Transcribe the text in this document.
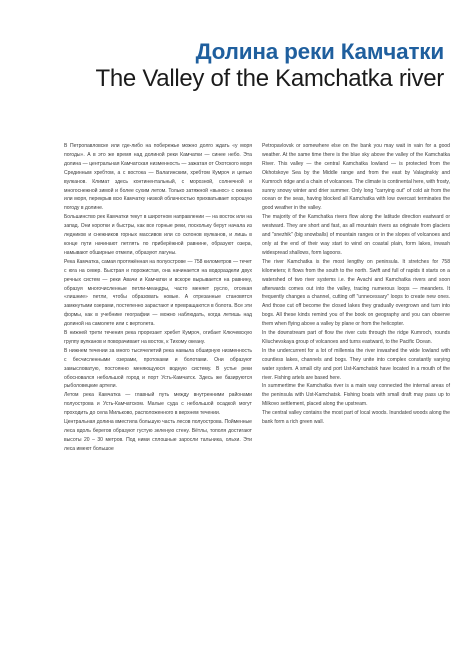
Долина реки Камчатки
The Valley of the Kamchatka river

В Петропавловске или где-либо на побережье можно долго ждать «у моря погоды». А в это же время над долиной реки Камчатки — синее небо. Эта долина — центральная Камчатская низменность — зажатая от Охотского моря Срединным хребтом, а с востока — Валагинским, хребтом Кумроч и цепью вулканов. Климат здесь континентальный, с морозной, солнечной и многоснежной зимой и более сухим летом. Только затяжной «вынос» с океана или моря, перекрыв всю Камчатку низкой облачностью прихватывает хорошую погоду в долине.

Большинство рек Камчатки текут в широтном направлении — на восток или на запад. Они коротки и быстры, как все горные реки, поскольку берут начала из ледников и снежников горных массивов или со склонов вулканов, и лишь в конце пути начинают петлять по приберёжной равнине, образуют озера, намывают обширные отмели, образуют лагуны.

Река Камчатка, самая протяжённая на полуострове — 758 километров — течет с юга на север. Быстрая и порожистая, она начинается на водораздели двух речных систем — реки Авачи и Камчатки и вскоре вырывается на равнину, образуя многочисленные петли-меандры, часто меняет русло, отсекая «лишние» петли, чтобы образовать новые. А отрезанные становятся замкнутыми озерами, постепенно зарастают и превращаются в болота. Все эти формы, как в учебнике географии — можно наблюдать, когда летишь над долиной на самолете или с вертолета.

В нижней трети течения река прорезает хребет Кумроч, огибает Ключевскую группу вулканов и поворачивает на восток, к Тихому океану.

В нижнем течении за много тысячелетий река намыла обширную низменность с бесчисленными озерами, протоками и болотами. Они образуют замысловатую, постоянно меняющуюся водную систему. В устье реки обосновался небольшой город и порт Усть-Камчатск. Здесь же базируются рыболовецкие артели.

Летом река Камчатка — главный путь между внутренними районами полуострова и Усть-Камчатском. Малые суда с небольшой осадкой могут проходить до села Мильково, расположенного в верхнем течении.

Центральная долина вместила большую часть лесов полуострова. Пойменные леса вдоль берегов образуют густую зеленую стену. Вётлы, тополя достигают высоты 20 – 30 метров. Под ними сплошные заросли тальника, ольхи. Эти леса имеют большое

Petropavlovsk or somewhere else on the bank you may wait in vain for a good weather. At the same time there is the blue sky above the valley of the Kamchatka River. This valley — the central Kamchatka lowland — is protected from the Okhotskoye Sea by the Middle range and from the east by Valaginskiy and Kumroch ridge and a chain of volcanoes. The climate is continental here, with frosty, sunny snowy winter and drier summer. Only long "carrying out" of cold air from the ocean or the seas, having blocked all Kamchatka with low overcast terminates the good weather in the valley.

The majority of the Kamchatka rivers flow along the latitude direction eastward or westward. They are short and fast, as all mountain rivers as originate from glaciers and "snezhik" (big snowballs) of mountain ranges or in the slopes of volcanoes and only at the end of their way start to wind on coastal plain, form lakes, inwash widespread shallows, form lagoons.

The river Kamchatka is the most lengthy on peninsula. It stretches for 758 kilometers; it flows from the south to the north. Swift and full of rapids it starts on a watershed of two river systems i.e. the Avachi and Kamchatka rivers and soon afterwards comes out into the valley, tracing numerous loops — meanders. It frequently changes a channel, cutting off "unnecessary" loops to create new ones. And those cut off become the closed lakes they gradually overgrown and turn into bogs. All these kinds remind you of the book on geography and you can observe them when flying above a valley by plane or from the helicopter.

In the downstream part of flow the river cuts through the ridge Kumroch, rounds Kliuchevskaya group of volcanoes and turns eastward, to the Pacific Ocean.

In the undercurrent for a lot of millennia the river inwashed the wide lowland with countless lakes, channels and bogs. They unite into complex constantly varying water system. A small city and port Ust-Kamchatsk have located in a mouth of the river. Fishing artels are based here.

In summertime the Kamchatka river is a main way connected the internal areas of the peninsula with Ust-Kamchatsk. Fishing boats with small draft may pass up to Milkovo settlement, placed along the upstream.

The central valley contains the most part of local woods. Inundated woods along the bank form a rich green wall.
